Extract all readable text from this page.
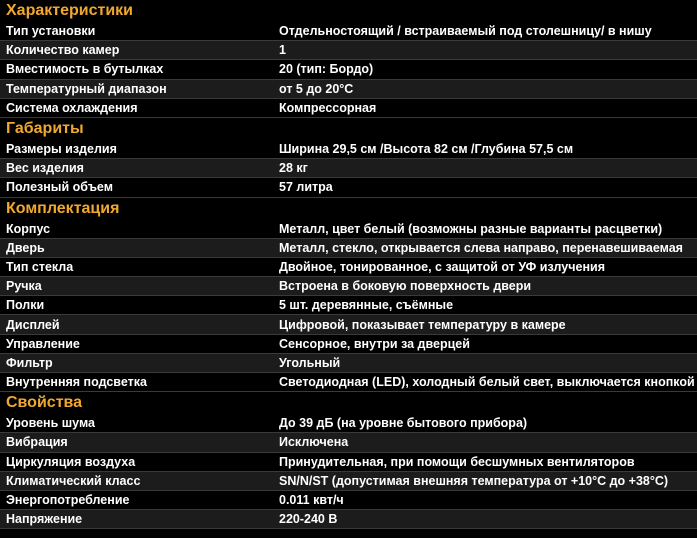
Характеристики
Тип установки	Отдельностоящий / встраиваемый под столешницу/ в нишу
Количество камер	1
Вместимость в бутылках	20 (тип: Бордо)
Температурный диапазон	от 5 до 20°С
Система охлаждения	Компрессорная
Габариты
Размеры изделия	Ширина 29,5 см /Высота 82 см /Глубина 57,5 см
Вес изделия	28 кг
Полезный объем	57 литра
Комплектация
Корпус	Металл, цвет белый (возможны разные варианты расцветки)
Дверь	Металл, стекло, открывается слева направо, перенавешиваемая
Тип стекла	Двойное, тонированное, с защитой от УФ излучения
Ручка	Встроена в боковую поверхность двери
Полки	5 шт. деревянные, съёмные
Дисплей	Цифровой, показывает температуру в камере
Управление	Сенсорное, внутри за дверцей
Фильтр	Угольный
Внутренняя подсветка	Светодиодная (LED), холодный белый свет, выключается кнопкой
Свойства
Уровень шума	До 39 дБ (на уровне бытового прибора)
Вибрация	Исключена
Циркуляция воздуха	Принудительная, при помощи бесшумных вентиляторов
Климатический класс	SN/N/ST (допустимая внешняя температура от +10°С до +38°С)
Энергопотребление	0.011 квт/ч
Напряжение	220-240 В
